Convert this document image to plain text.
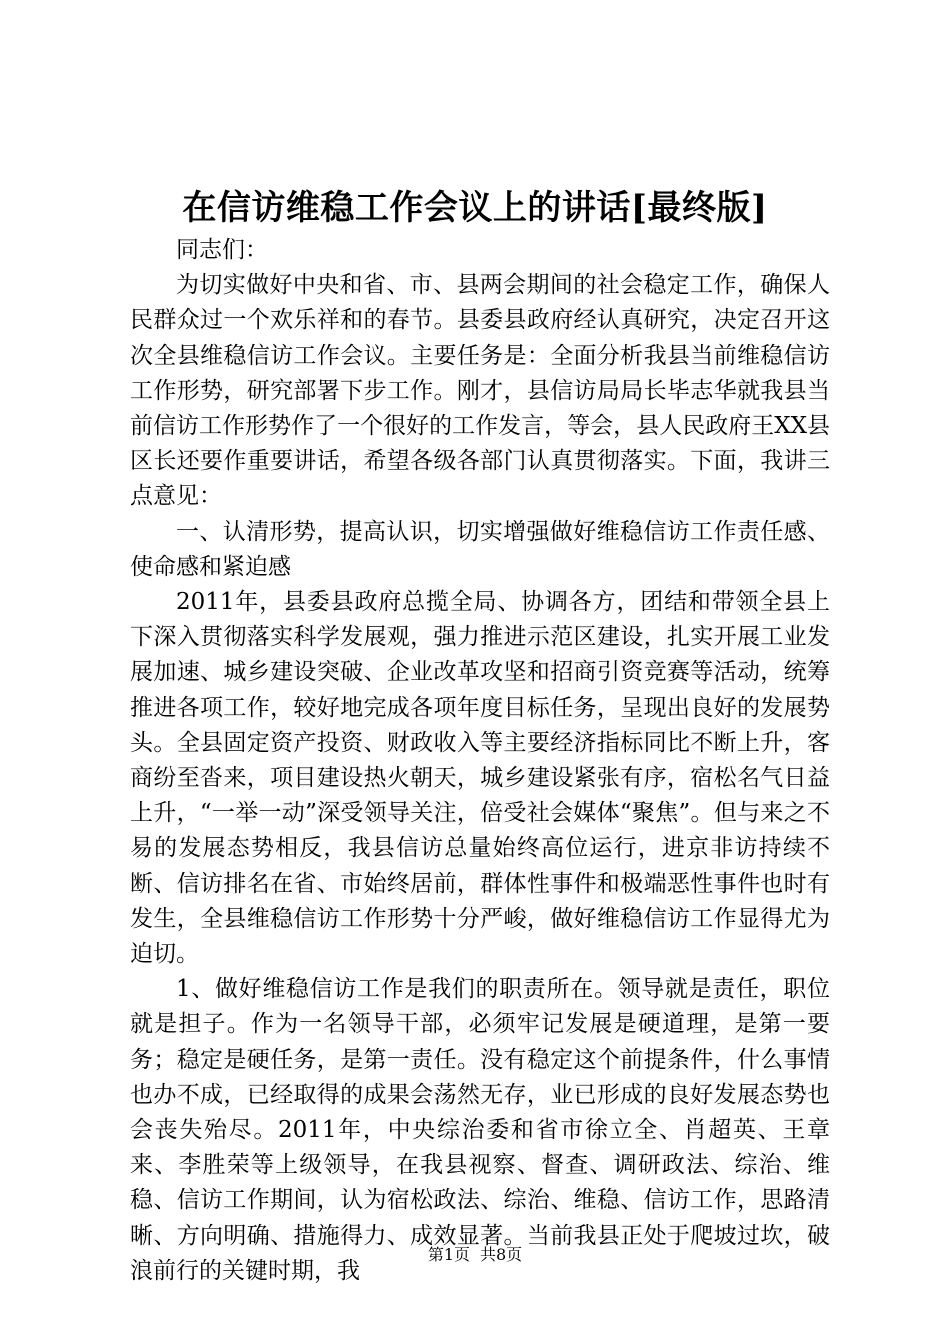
在信访维稳工作会议上的讲话[最终版]

同志们：

为切实做好中央和省、市、县两会期间的社会稳定工作，确保人民群众过一个欢乐祥和的春节。县委县政府经认真研究，决定召开这次全县维稳信访工作会议。主要任务是：全面分析我县当前维稳信访工作形势，研究部署下步工作。刚才，县信访局局长毕志华就我县当前信访工作形势作了一个很好的工作发言，等会，县人民政府王XX县区长还要作重要讲话，希望各级各部门认真贯彻落实。下面，我讲三点意见：

一、认清形势，提高认识，切实增强做好维稳信访工作责任感、使命感和紧迫感

2011年，县委县政府总揽全局、协调各方，团结和带领全县上下深入贯彻落实科学发展观，强力推进示范区建设，扎实开展工业发展加速、城乡建设突破、企业改革攻坚和招商引资竞赛等活动，统筹推进各项工作，较好地完成各项年度目标任务，呈现出良好的发展势头。全县固定资产投资、财政收入等主要经济指标同比不断上升，客商纷至沓来，项目建设热火朝天，城乡建设紧张有序，宿松名气日益上升，“一举一动”深受领导关注，倍受社会媒体“聚焦”。但与来之不易的发展态势相反，我县信访总量始终高位运行，进京非访持续不断、信访排名在省、市始终居前，群体性事件和极端恶性事件也时有发生，全县维稳信访工作形势十分严峻，做好维稳信访工作显得尤为迫切。

1、做好维稳信访工作是我们的职责所在。领导就是责任，职位就是担子。作为一名领导干部，必须牢记发展是硬道理，是第一要务；稳定是硬任务，是第一责任。没有稳定这个前提条件，什么事情也办不成，已经取得的成果会荡然无存，业已形成的良好发展态势也会丧失殆尽。2011年，中央综治委和省市徐立全、肖超英、王章来、李胜荣等上级领导，在我县视察、督查、调研政法、综治、维稳、信访工作期间，认为宿松政法、综治、维稳、信访工作，思路清晰、方向明确、措施得力、成效显著。当前我县正处于爬坡过坎，破浪前行的关键时期，我

第1页 共8页
